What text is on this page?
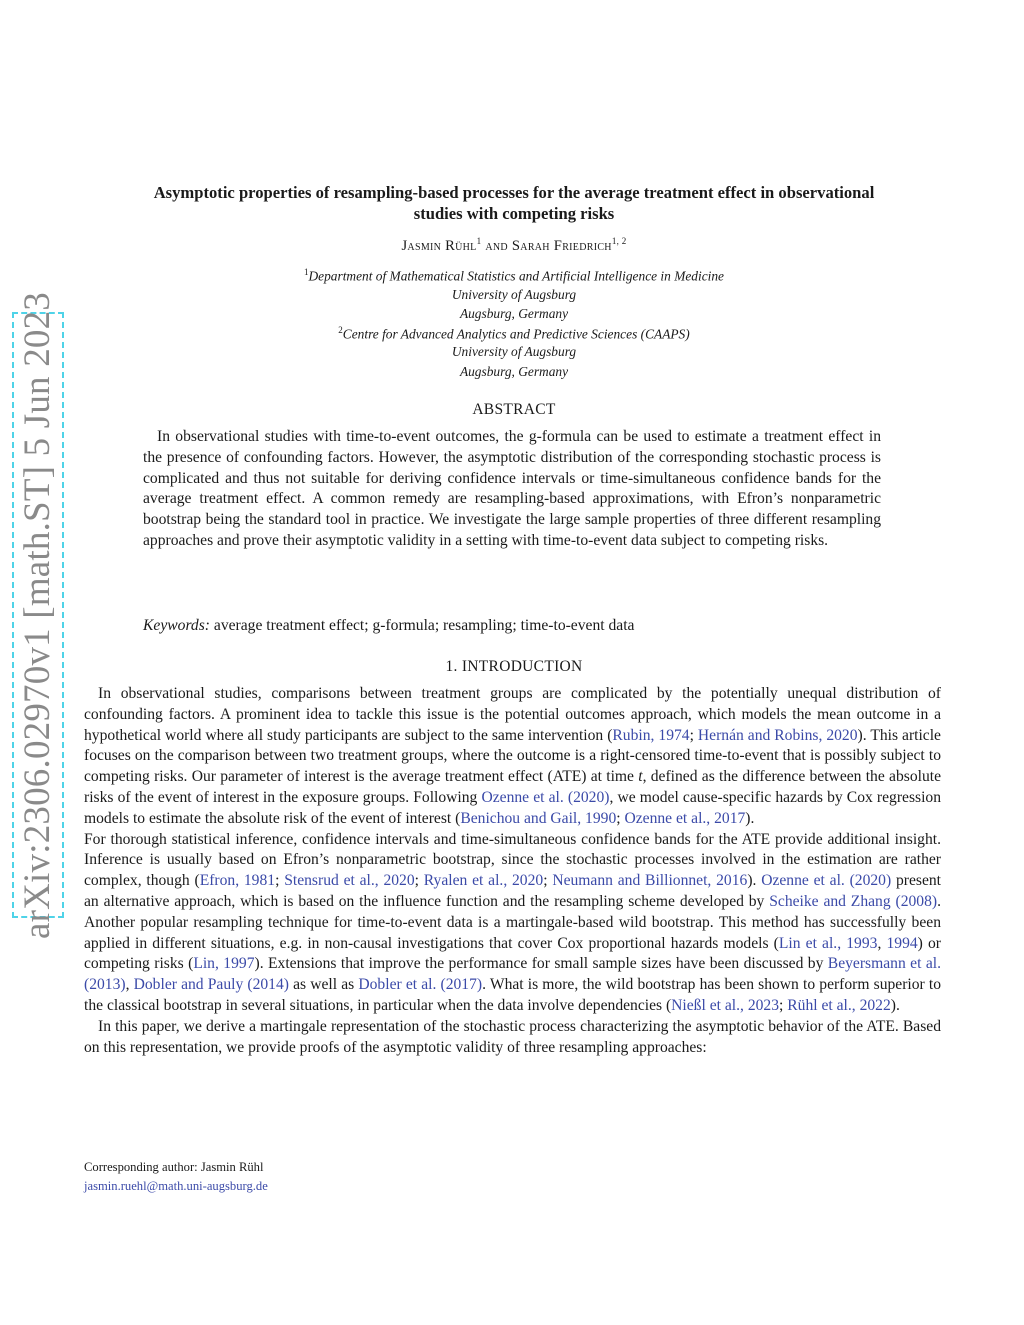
arXiv:2306.02970v1 [math.ST] 5 Jun 2023
Asymptotic properties of resampling-based processes for the average treatment effect in observational
studies with competing risks
Jasmin Rühl$^1$ and Sarah Friedrich$^{1, 2}$
$^1$Department of Mathematical Statistics and Artificial Intelligence in Medicine
University of Augsburg
Augsburg, Germany
$^2$Centre for Advanced Analytics and Predictive Sciences (CAAPS)
University of Augsburg
Augsburg, Germany
ABSTRACT

In observational studies with time-to-event outcomes, the g-formula can be used to estimate a treatment effect in the presence of confounding factors. However, the asymptotic distribution of the corresponding stochastic process is complicated and thus not suitable for deriving confidence intervals or time-simultaneous confidence bands for the average treatment effect. A common remedy are resampling-based approximations, with Efron’s nonparametric bootstrap being the standard tool in practice. We investigate the large sample properties of three different resampling approaches and prove their asymptotic validity in a setting with time-to-event data subject to competing risks.

Keywords: average treatment effect; g-formula; resampling; time-to-event data
1. INTRODUCTION

In observational studies, comparisons between treatment groups are complicated by the potentially unequal distribution of confounding factors. A prominent idea to tackle this issue is the potential outcomes approach, which models the mean outcome in a hypothetical world where all study participants are subject to the same intervention (Rubin, 1974; Hernán and Robins, 2020). This article focuses on the comparison between two treatment groups, where the outcome is a right-censored time-to-event that is possibly subject to competing risks. Our parameter of interest is the average treatment effect (ATE) at time t, defined as the difference between the absolute risks of the event of interest in the exposure groups. Following Ozenne et al. (2020), we model cause-specific hazards by Cox regression models to estimate the absolute risk of the event of interest (Benichou and Gail, 1990; Ozenne et al., 2017).

For thorough statistical inference, confidence intervals and time-simultaneous confidence bands for the ATE provide additional insight. Inference is usually based on Efron’s nonparametric bootstrap, since the stochastic processes involved in the estimation are rather complex, though (Efron, 1981; Stensrud et al., 2020; Ryalen et al., 2020; Neumann and Billionnet, 2016). Ozenne et al. (2020) present an alternative approach, which is based on the influence function and the resampling scheme developed by Scheike and Zhang (2008). Another popular resampling technique for time-to-event data is a martingale-based wild bootstrap. This method has successfully been applied in different situations, e.g. in non-causal investigations that cover Cox proportional hazards models (Lin et al., 1993, 1994) or competing risks (Lin, 1997). Extensions that improve the performance for small sample sizes have been discussed by Beyersmann et al. (2013), Dobler and Pauly (2014) as well as Dobler et al. (2017). What is more, the wild bootstrap has been shown to perform superior to the classical bootstrap in several situations, in particular when the data involve dependencies (Nießl et al., 2023; Rühl et al., 2022).

In this paper, we derive a martingale representation of the stochastic process characterizing the asymptotic behavior of the ATE. Based on this representation, we provide proofs of the asymptotic validity of three resampling approaches:

Corresponding author: Jasmin Rühl
jasmin.ruehl@math.uni-augsburg.de
